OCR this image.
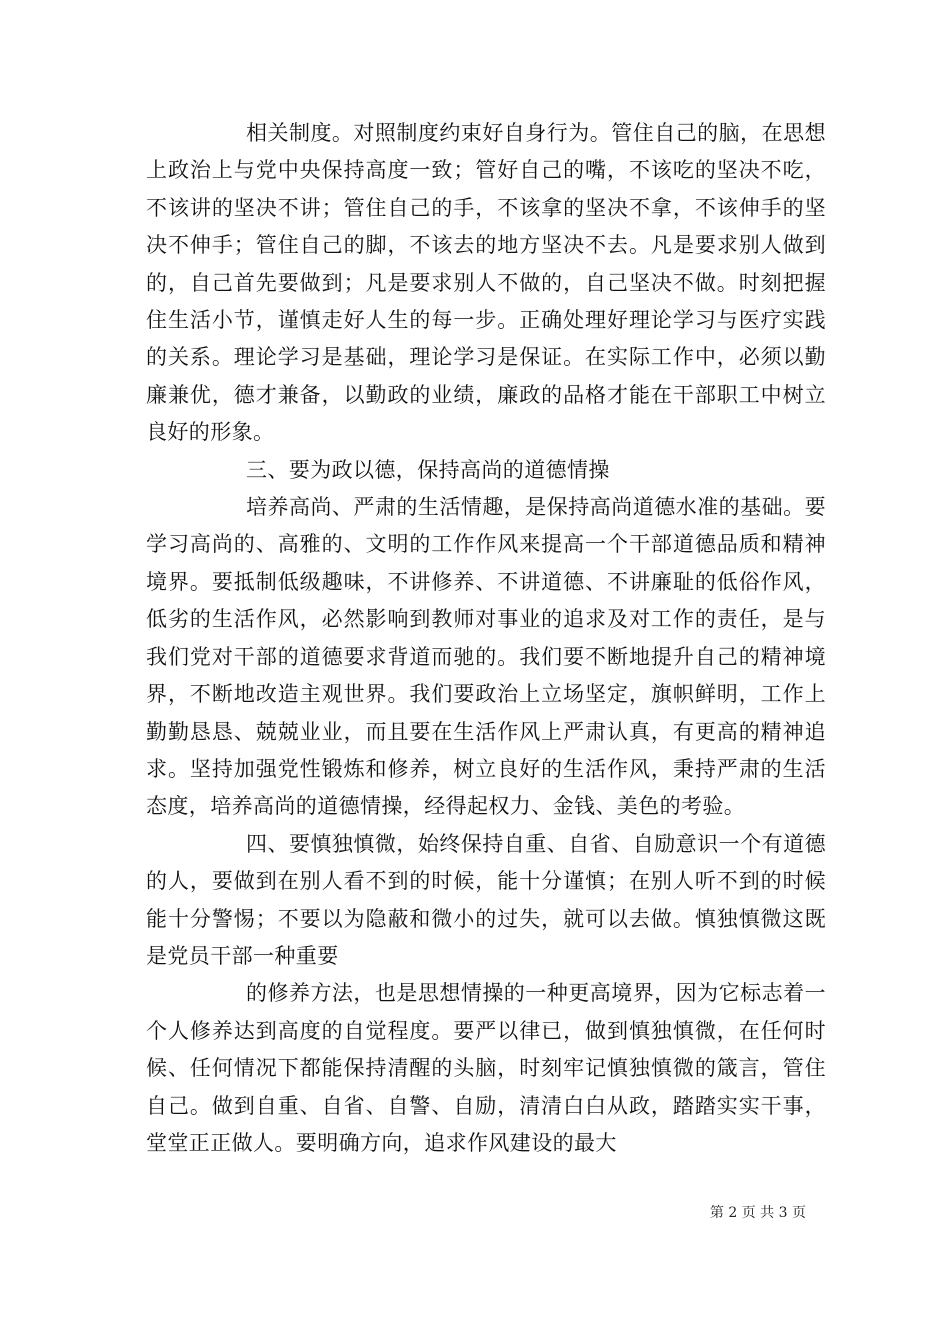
相关制度。对照制度约束好自身行为。管住自己的脑，在思想上政治上与党中央保持高度一致；管好自己的嘴，不该吃的坚决不吃，不该讲的坚决不讲；管住自己的手，不该拿的坚决不拿，不该伸手的坚决不伸手；管住自己的脚，不该去的地方坚决不去。凡是要求别人做到的，自己首先要做到；凡是要求别人不做的，自己坚决不做。时刻把握住生活小节，谨慎走好人生的每一步。正确处理好理论学习与医疗实践的关系。理论学习是基础，理论学习是保证。在实际工作中，必须以勤廉兼优，德才兼备，以勤政的业绩，廉政的品格才能在干部职工中树立良好的形象。

三、要为政以德，保持高尚的道德情操

培养高尚、严肃的生活情趣，是保持高尚道德水准的基础。要学习高尚的、高雅的、文明的工作作风来提高一个干部道德品质和精神境界。要抵制低级趣味，不讲修养、不讲道德、不讲廉耻的低俗作风，低劣的生活作风，必然影响到教师对事业的追求及对工作的责任，是与我们党对干部的道德要求背道而驰的。我们要不断地提升自己的精神境界，不断地改造主观世界。我们要政治上立场坚定，旗帜鲜明，工作上勤勤恳恳、兢兢业业，而且要在生活作风上严肃认真，有更高的精神追求。坚持加强党性锻炼和修养，树立良好的生活作风，秉持严肃的生活态度，培养高尚的道德情操，经得起权力、金钱、美色的考验。

四、要慎独慎微，始终保持自重、自省、自励意识一个有道德的人，要做到在别人看不到的时候，能十分谨慎；在别人听不到的时候能十分警惕；不要以为隐蔽和微小的过失，就可以去做。慎独慎微这既是党员干部一种重要

的修养方法，也是思想情操的一种更高境界，因为它标志着一个人修养达到高度的自觉程度。要严以律已，做到慎独慎微，在任何时候、任何情况下都能保持清醒的头脑，时刻牢记慎独慎微的箴言，管住自己。做到自重、自省、自警、自励，清清白白从政，踏踏实实干事，堂堂正正做人。要明确方向，追求作风建设的最大

第 2 页 共 3 页
